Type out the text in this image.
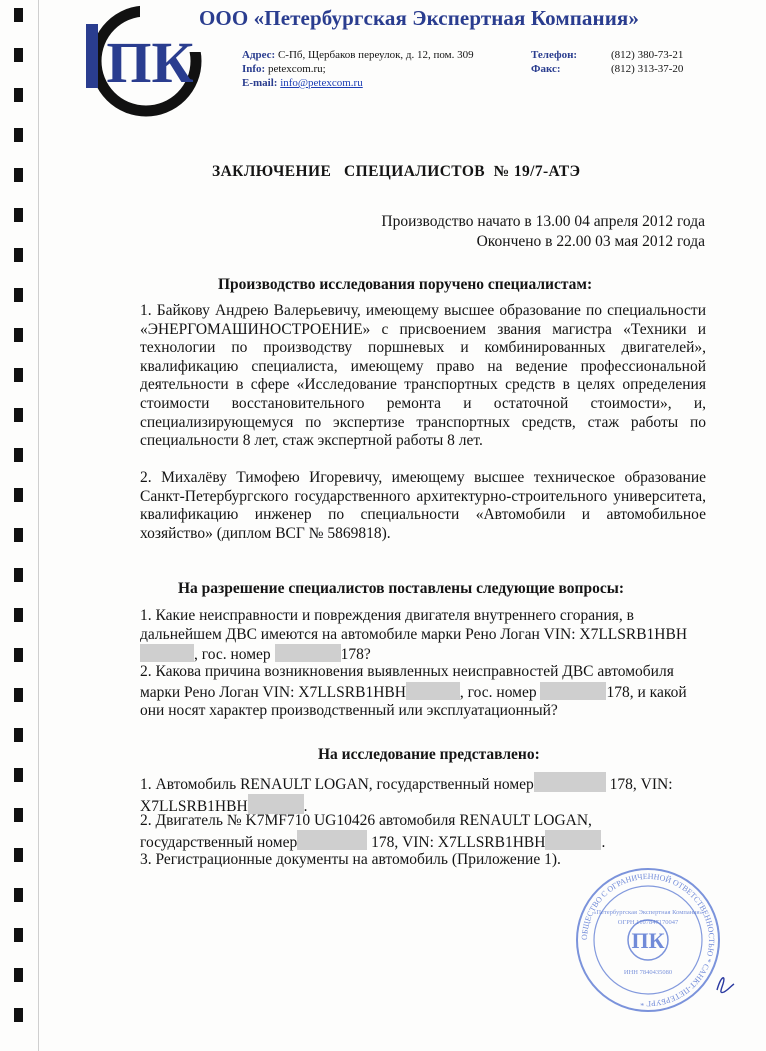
ПК
ООО «Петербургская Экспертная Компания»
Адрес: С-Пб, Щербаков переулок, д. 12, пом. 309
Info: petexcom.ru;
E-mail: info@petexcom.ru
Телефон:	(812) 380-73-21
Факс:	(812) 313-37-20
ЗАКЛЮЧЕНИЕ   СПЕЦИАЛИСТОВ  № 19/7-АТЭ
Производство начато в 13.00 04 апреля 2012 года
Окончено в 22.00 03 мая 2012 года
Производство исследования поручено специалистам:
1. Байкову Андрею Валерьевичу, имеющему высшее образование по специальности «ЭНЕРГОМАШИНОСТРОЕНИЕ» с присвоением звания магистра «Техники и технологии по производству поршневых и комбинированных двигателей», квалификацию специалиста, имеющему право на ведение профессиональной деятельности в сфере «Исследование транспортных средств в целях определения стоимости восстановительного ремонта и остаточной стоимости», и, специализирующемуся по экспертизе транспортных средств, стаж работы по специальности 8 лет, стаж экспертной работы 8 лет.
2. Михалёву Тимофею Игоревичу, имеющему высшее техническое образование Санкт-Петербургского государственного архитектурно-строительного университета, квалификацию инженер по специальности «Автомобили и автомобильное хозяйство» (диплом ВСГ № 5869818).
На разрешение специалистов поставлены следующие вопросы:
1. Какие неисправности и повреждения двигателя внутреннего сгорания, в дальнейшем ДВС имеются на автомобиле марки Рено Логан VIN: X7LLSRB1HBH, гос. номер	178?
2. Какова причина возникновения выявленных неисправностей ДВС автомобиля марки Рено Логан VIN: X7LLSRB1HBH	, гос. номер	178, и какой они носят характер производственный или эксплуатационный?
На исследование представлено:
1. Автомобиль RENAULT LOGAN, государственный номер	178, VIN: X7LLSRB1HBH	.
2. Двигатель № K7MF710 UG10426 автомобиля RENAULT LOGAN, государственный номер	178, VIN: X7LLSRB1HBH	.
3. Регистрационные документы на автомобиль (Приложение 1).
ОБЩЕСТВО С ОГРАНИЧЕННОЙ ОТВЕТСТВЕННОСТЬЮ * САНКТ-ПЕТЕРБУРГ *
«Петербургская Экспертная Компания»
ОГРН 1107847170047
ПК
ИНН 7840435080
